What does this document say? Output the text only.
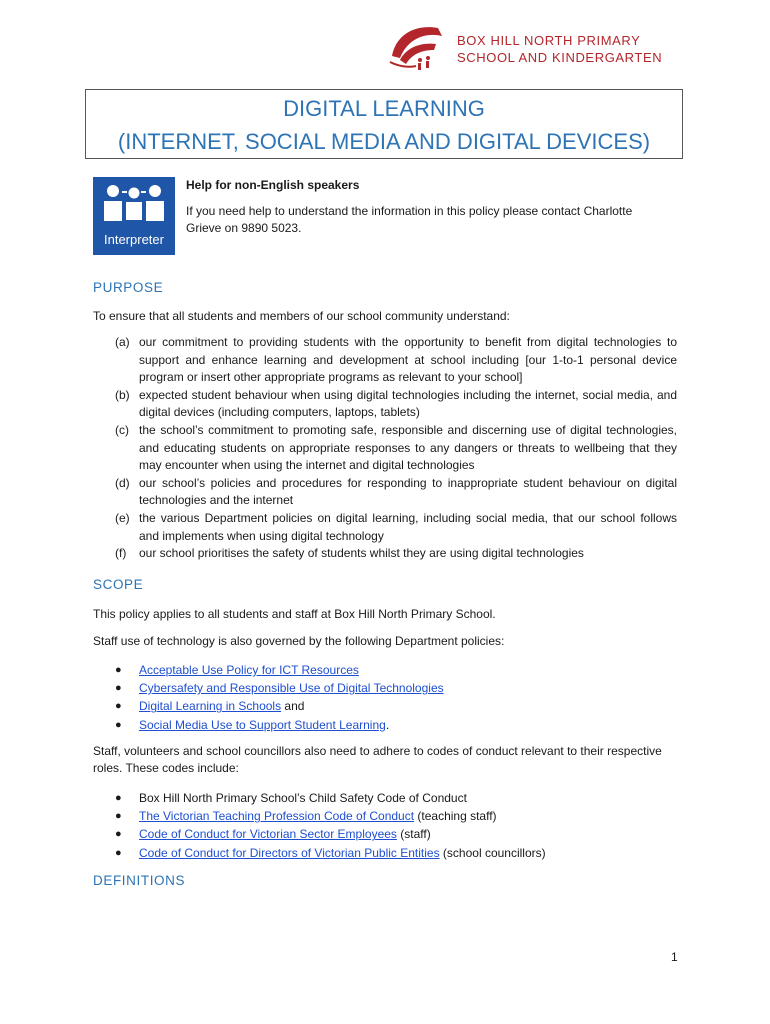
BOX HILL NORTH PRIMARY
SCHOOL AND KINDERGARTEN
DIGITAL LEARNING
(INTERNET, SOCIAL MEDIA AND DIGITAL DEVICES)
Interpreter
Help for non-English speakers
If you need help to understand the information in this policy please contact Charlotte Grieve on 9890 5023.
PURPOSE
To ensure that all students and members of our school community understand:
(a) our commitment to providing students with the opportunity to benefit from digital technologies to support and enhance learning and development at school including [our 1-to-1 personal device program or insert other appropriate programs as relevant to your school]
(b) expected student behaviour when using digital technologies including the internet, social media, and digital devices (including computers, laptops, tablets)
(c) the school’s commitment to promoting safe, responsible and discerning use of digital technologies, and educating students on appropriate responses to any dangers or threats to wellbeing that they may encounter when using the internet and digital technologies
(d) our school’s policies and procedures for responding to inappropriate student behaviour on digital technologies and the internet
(e) the various Department policies on digital learning, including social media, that our school follows and implements when using digital technology
(f)	our school prioritises the safety of students whilst they are using digital technologies
SCOPE
This policy applies to all students and staff at Box Hill North Primary School.
Staff use of technology is also governed by the following Department policies:
●	Acceptable Use Policy for ICT Resources
●	Cybersafety and Responsible Use of Digital Technologies
●	Digital Learning in Schools and
●	Social Media Use to Support Student Learning.
Staff, volunteers and school councillors also need to adhere to codes of conduct relevant to their respective roles. These codes include:
●	Box Hill North Primary School’s Child Safety Code of Conduct
●	The Victorian Teaching Profession Code of Conduct (teaching staff)
●	Code of Conduct for Victorian Sector Employees (staff)
●	Code of Conduct for Directors of Victorian Public Entities (school councillors)
DEFINITIONS
1
